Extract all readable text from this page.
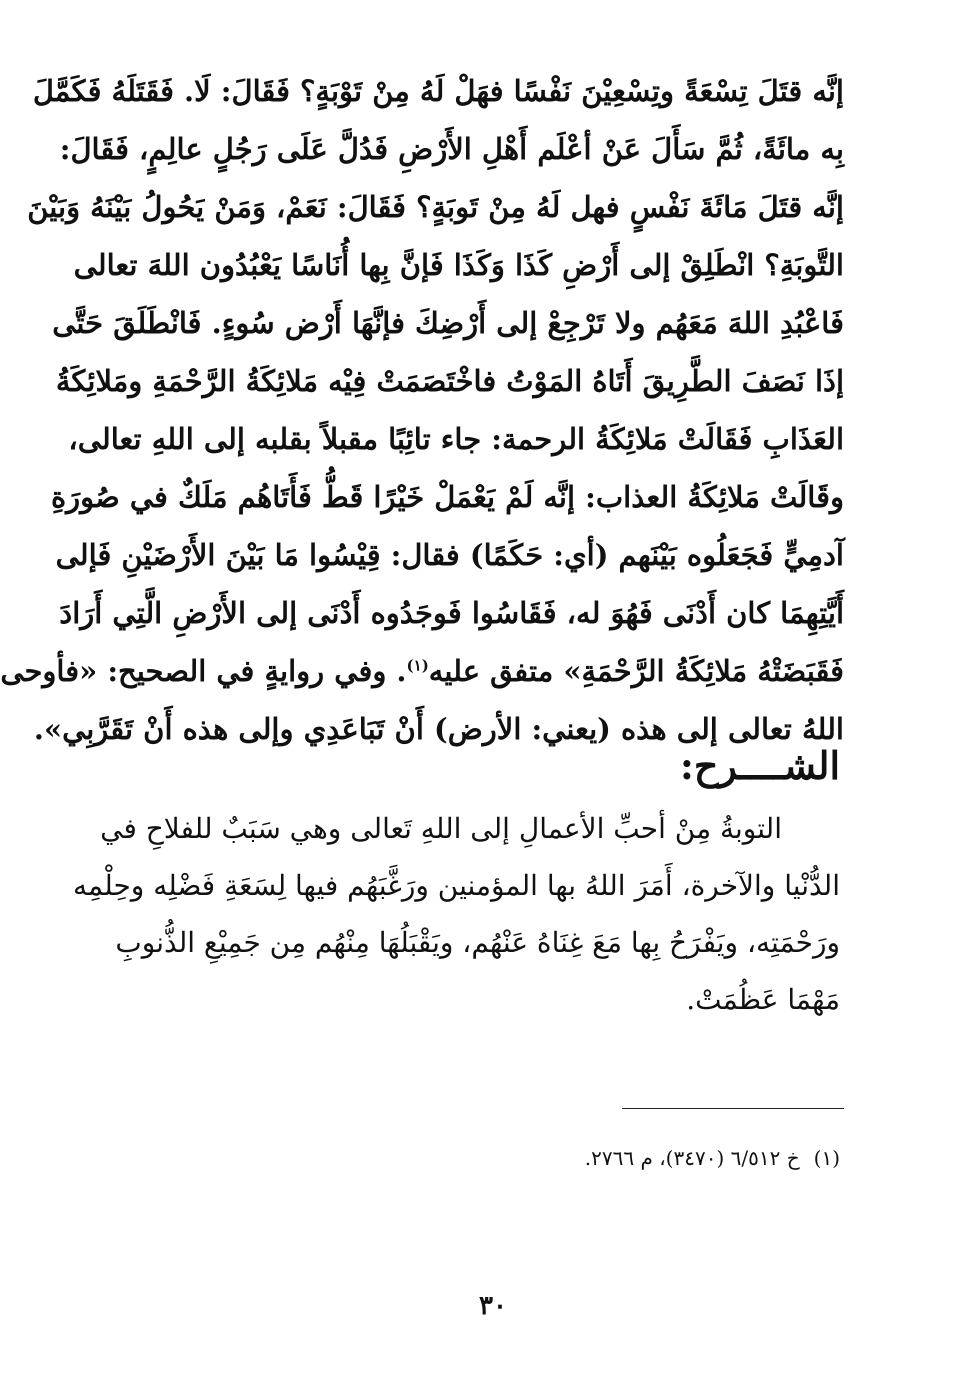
إنَّه قتَلَ تِسْعَةً وتِسْعِيْنَ نَفْسًا فهَلْ لَهُ مِنْ تَوْبَةٍ؟ فَقَالَ: لَا. فَقَتَلَهُ فَكَمَّلَ
بِه مائَةً، ثُمَّ سَأَلَ عَنْ أعْلَم أَهْلِ الأَرْضِ فَدُلَّ عَلَى رَجُلٍ عالِمٍ، فَقَالَ:
إنَّه قتَلَ مَائَةَ نَفْسٍ فهل لَهُ مِنْ تَوبَةٍ؟ فَقَالَ: نَعَمْ، وَمَنْ يَحُولُ بَيْنَهُ وَبَيْنَ
التَّوبَةِ؟ انْطَلِقْ إلى أَرْضِ كَذَا وَكَذَا فَإنَّ بِها أُنَاسًا يَعْبُدُون اللهَ تعالى
فَاعْبُدِ اللهَ مَعَهُم ولا تَرْجِعْ إلى أَرْضِكَ فإنَّهَا أَرْض سُوءٍ. فَانْطَلَقَ حَتَّى
إذَا نَصَفَ الطَّرِيقَ أَتَاهُ المَوْتُ فاخْتَصَمَتْ فِيْه مَلائِكَةُ الرَّحْمَةِ ومَلائِكَةُ
العَذَابِ فَقَالَتْ مَلائِكَةُ الرحمة: جاء تائِبًا مقبلاً بقلبه إلى اللهِ تعالى،
وقَالَتْ مَلائِكَةُ العذاب: إنَّه لَمْ يَعْمَلْ خَيْرًا قَطُّ فَأَتَاهُم مَلَكٌ في صُورَةِ
آدمِيٍّ فَجَعَلُوه بَيْنَهم (أي: حَكَمًا) فقال: قِيْسُوا مَا بَيْنَ الأَرْضَيْنِ فَإلى
أَيَّتِهِمَا كان أَدْنَى فَهُوَ له، فَقَاسُوا فَوجَدُوه أَدْنَى إلى الأَرْضِ الَّتِي أَرَادَ
فَقَبَضَتْهُ مَلائِكَةُ الرَّحْمَةِ» متفق عليه$^{(١)}$. وفي روايةٍ في الصحيح: «فأوحى
اللهُ تعالى إلى هذه (يعني: الأرض) أَنْ تَبَاعَدِي وإلى هذه أَنْ تَقَرَّبِي».
الشــــرح:
التوبةُ مِنْ أحبِّ الأعمالِ إلى اللهِ تَعالى وهي سَبَبٌ للفلاحِ في
الدُّنْيا والآخرة، أَمَرَ اللهُ بها المؤمنين ورَغَّبَهُم فيها لِسَعَةِ فَضْلِه وحِلْمِه
ورَحْمَتِه، ويَفْرَحُ بِها مَعَ غِنَاهُ عَنْهُم، ويَقْبَلُهَا مِنْهُم مِن جَمِيْعِ الذُّنوبِ
مَهْمَا عَظُمَتْ.
(١)خ ٦/٥١٢ (٣٤٧٠)، م ٢٧٦٦.
٣٠
